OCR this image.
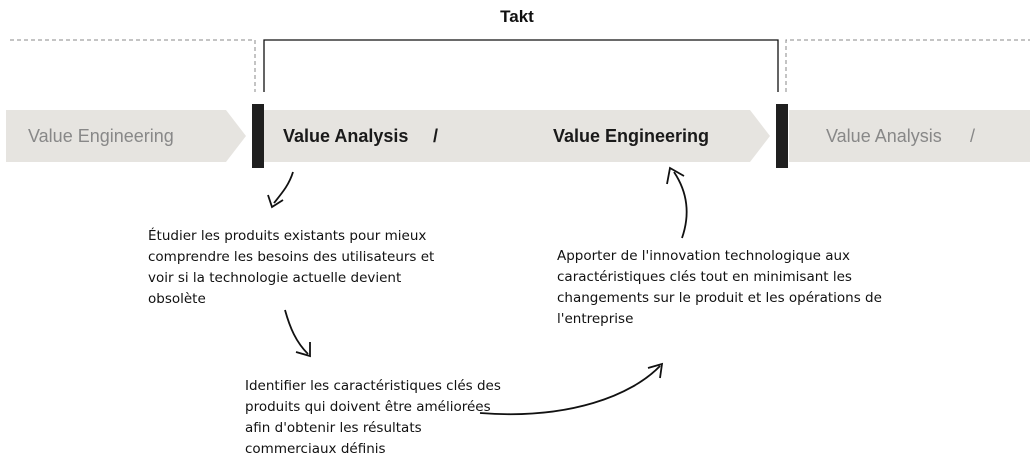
Takt
Value Engineering	Value Analysis /	Value Engineering	Value Analysis /
Étudier les produits existants pour mieux comprendre les besoins des utilisateurs et voir si la technologie actuelle devient obsolète
Identifier les caractéristiques clés des produits qui doivent être améliorées afin d'obtenir les résultats commerciaux définis
Apporter de l'innovation technologique aux caractéristiques clés tout en minimisant les changements sur le produit et les opérations de l'entreprise
